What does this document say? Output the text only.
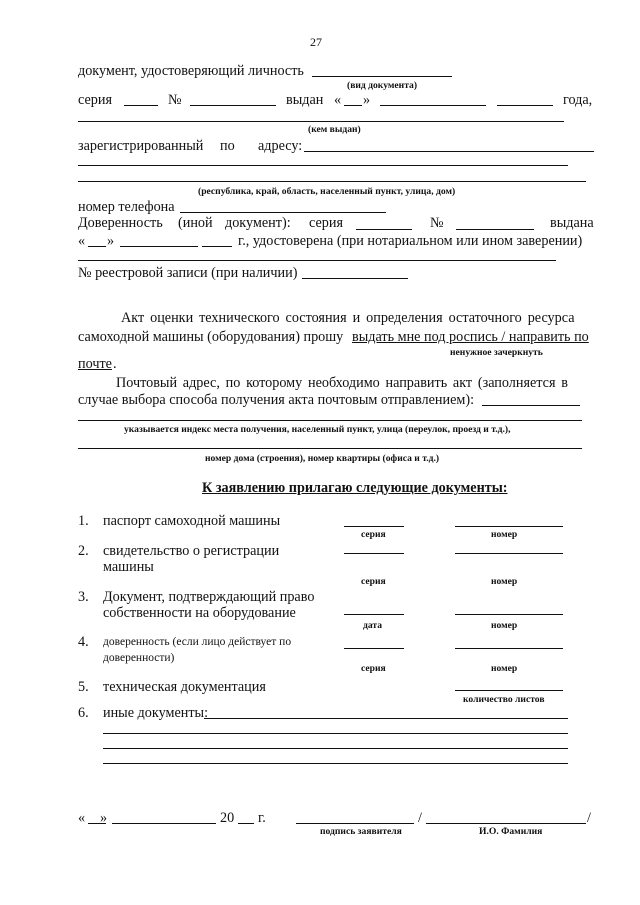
27
документ, удостоверяющий личность
(вид документа)
серия	№	выдан « »	года,
(кем выдан)
зарегистрированный по адресу:
(республика, край, область, населенный пункт, улица, дом)
номер телефона
Доверенность (иной документ): серия	№	выдана
« »	г., удостоверена (при нотариальном или ином заверении)
№ реестровой записи (при наличии)
Акт оценки технического состояния и определения остаточного ресурса
самоходной машины (оборудования) прошу выдать мне под роспись / направить по
ненужное зачеркнуть
почте .
Почтовый адрес, по которому необходимо направить акт (заполняется в
случае выбора способа получения акта почтовым отправлением):
указывается индекс места получения, населенный пункт, улица (переулок, проезд и т.д.),
номер дома (строения), номер квартиры (офиса и т.д.)
К заявлению прилагаю следующие документы:
1. паспорт самоходной машины
серия	номер
2. свидетельство о регистрации
машины
серия	номер
3. Документ, подтверждающий право
собственности на оборудование
дата	номер
4. доверенность (если лицо действует по
доверенности)
серия	номер
5. техническая документация
количество листов
6. иные документы:
« »	20 г.	/	/
подпись заявителя	И.О. Фамилия
